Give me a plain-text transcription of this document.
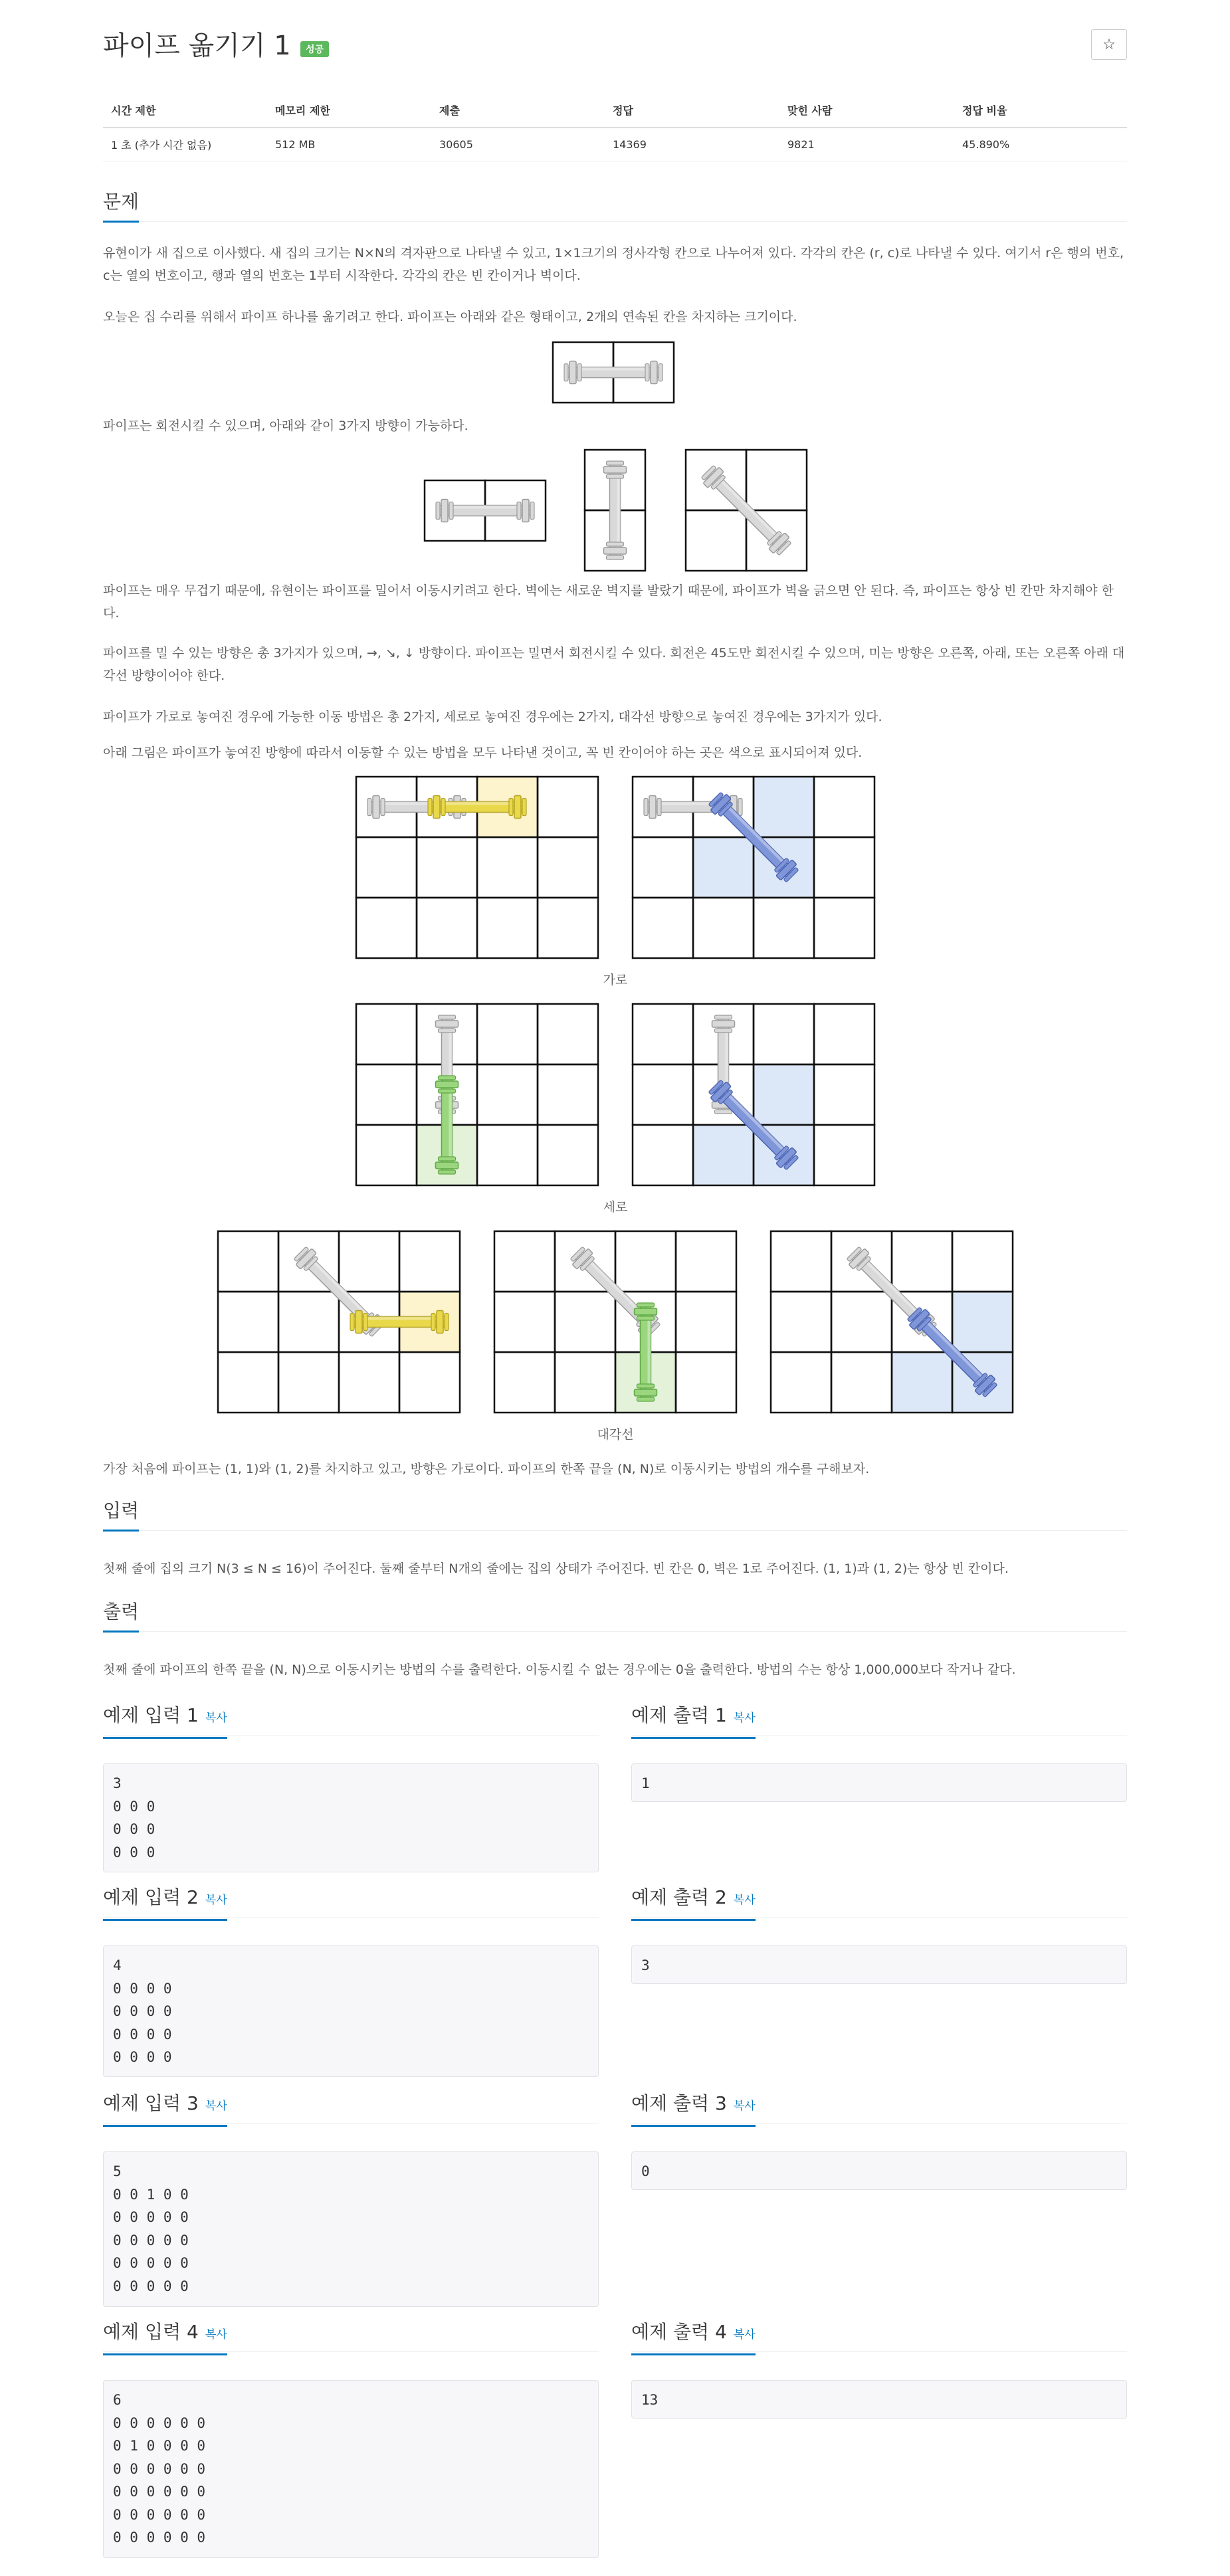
파이프 옮기기 1	성공	☆
시간 제한	메모리 제한	제출	정답	맞힌 사람	정답 비율
1 초 (추가 시간 없음)	512 MB	30605	14369	9821	45.890%
문제

유현이가 새 집으로 이사했다. 새 집의 크기는 N×N의 격자판으로 나타낼 수 있고, 1×1크기의 정사각형 칸으로 나누어져 있다. 각각의 칸은 (r, c)로 나타낼 수 있다. 여기서 r은 행의 번호, c는 열의 번호이고, 행과 열의 번호는 1부터 시작한다. 각각의 칸은 빈 칸이거나 벽이다.

오늘은 집 수리를 위해서 파이프 하나를 옮기려고 한다. 파이프는 아래와 같은 형태이고, 2개의 연속된 칸을 차지하는 크기이다.

파이프는 회전시킬 수 있으며, 아래와 같이 3가지 방향이 가능하다.

파이프는 매우 무겁기 때문에, 유현이는 파이프를 밀어서 이동시키려고 한다. 벽에는 새로운 벽지를 발랐기 때문에, 파이프가 벽을 긁으면 안 된다. 즉, 파이프는 항상 빈 칸만 차지해야 한다.

파이프를 밀 수 있는 방향은 총 3가지가 있으며, →, ↘, ↓ 방향이다. 파이프는 밀면서 회전시킬 수 있다. 회전은 45도만 회전시킬 수 있으며, 미는 방향은 오른쪽, 아래, 또는 오른쪽 아래 대각선 방향이어야 한다.

파이프가 가로로 놓여진 경우에 가능한 이동 방법은 총 2가지, 세로로 놓여진 경우에는 2가지, 대각선 방향으로 놓여진 경우에는 3가지가 있다.

아래 그림은 파이프가 놓여진 방향에 따라서 이동할 수 있는 방법을 모두 나타낸 것이고, 꼭 빈 칸이어야 하는 곳은 색으로 표시되어져 있다.

가로
세로
대각선

가장 처음에 파이프는 (1, 1)와 (1, 2)를 차지하고 있고, 방향은 가로이다. 파이프의 한쪽 끝을 (N, N)로 이동시키는 방법의 개수를 구해보자.

입력

첫째 줄에 집의 크기 N(3 ≤ N ≤ 16)이 주어진다. 둘째 줄부터 N개의 줄에는 집의 상태가 주어진다. 빈 칸은 0, 벽은 1로 주어진다. (1, 1)과 (1, 2)는 항상 빈 칸이다.

출력

첫째 줄에 파이프의 한쪽 끝을 (N, N)으로 이동시키는 방법의 수를 출력한다. 이동시킬 수 없는 경우에는 0을 출력한다. 방법의 수는 항상 1,000,000보다 작거나 같다.

예제 입력 1 복사	예제 출력 1 복사
3
0 0 0
0 0 0
0 0 0
1
예제 입력 2 복사	예제 출력 2 복사
4
0 0 0 0
0 0 0 0
0 0 0 0
0 0 0 0
3
예제 입력 3 복사	예제 출력 3 복사
5
0 0 1 0 0
0 0 0 0 0
0 0 0 0 0
0 0 0 0 0
0 0 0 0 0
0
예제 입력 4 복사	예제 출력 4 복사
6
0 0 0 0 0 0
0 1 0 0 0 0
0 0 0 0 0 0
0 0 0 0 0 0
0 0 0 0 0 0
0 0 0 0 0 0
13
